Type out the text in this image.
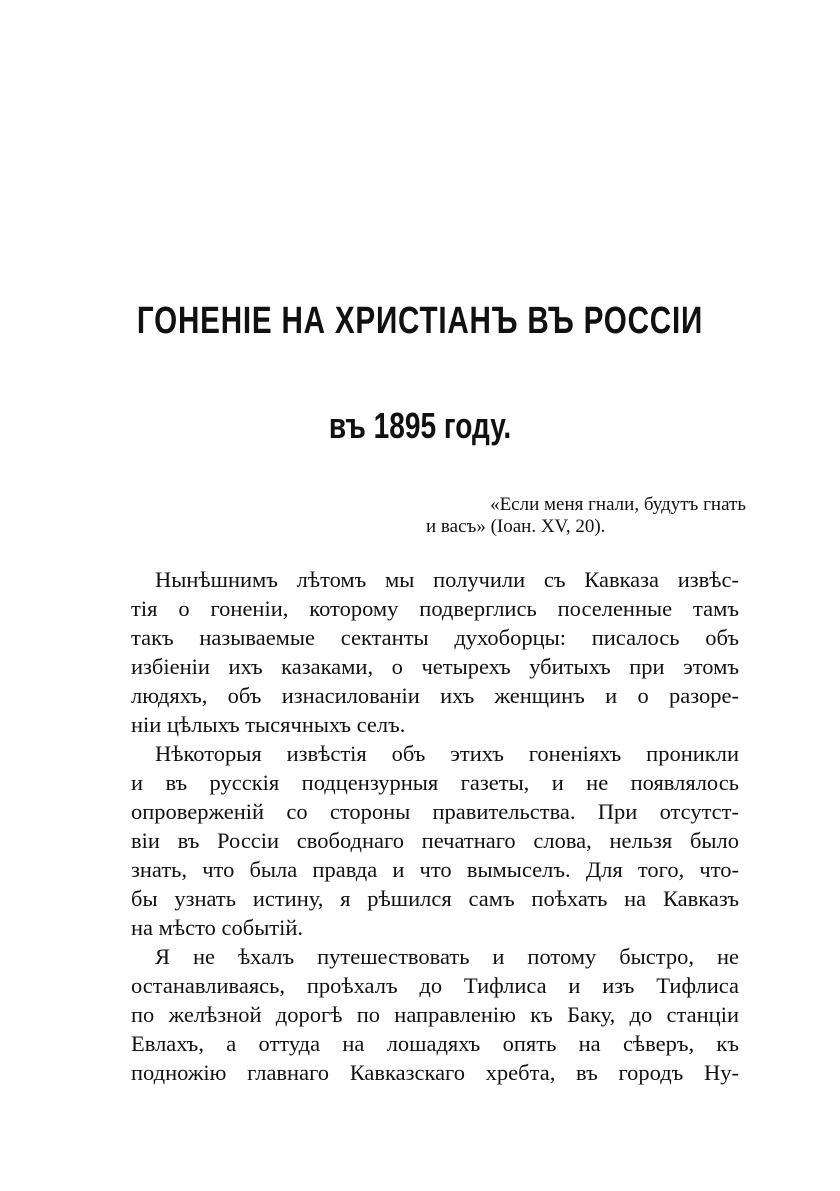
ГОНЕНІЕ НА ХРИСТІАНЪ ВЪ РОССІИ
въ 1895 году.
«Если меня гнали, будутъ гнать
и васъ» (Іоан. XV, 20).
Нынѣшнимъ лѣтомъ мы получили съ Кавказа извѣс-
тія о гоненіи, которому подверглись поселенные тамъ
такъ называемые сектанты духоборцы: писалось объ
избіеніи ихъ казаками, о четырехъ убитыхъ при этомъ
людяхъ, объ изнасилованіи ихъ женщинъ и о разоре-
ніи цѣлыхъ тысячныхъ селъ.
Нѣкоторыя извѣстія объ этихъ гоненіяхъ проникли
и въ русскія подцензурныя газеты, и не появлялось
опроверженій со стороны правительства. При отсутст-
віи въ Россіи свободнаго печатнаго слова, нельзя было
знать, что была правда и что вымыселъ. Для того, что-
бы узнать истину, я рѣшился самъ поѣхать на Кавказъ
на мѣсто событій.
Я не ѣхалъ путешествовать и потому быстро, не
останавливаясь, проѣхалъ до Тифлиса и изъ Тифлиса
по желѣзной дорогѣ по направленію къ Баку, до станціи
Евлахъ, а оттуда на лошадяхъ опять на сѣверъ, къ
подножію главнаго Кавказскаго хребта, въ городъ Ну-
